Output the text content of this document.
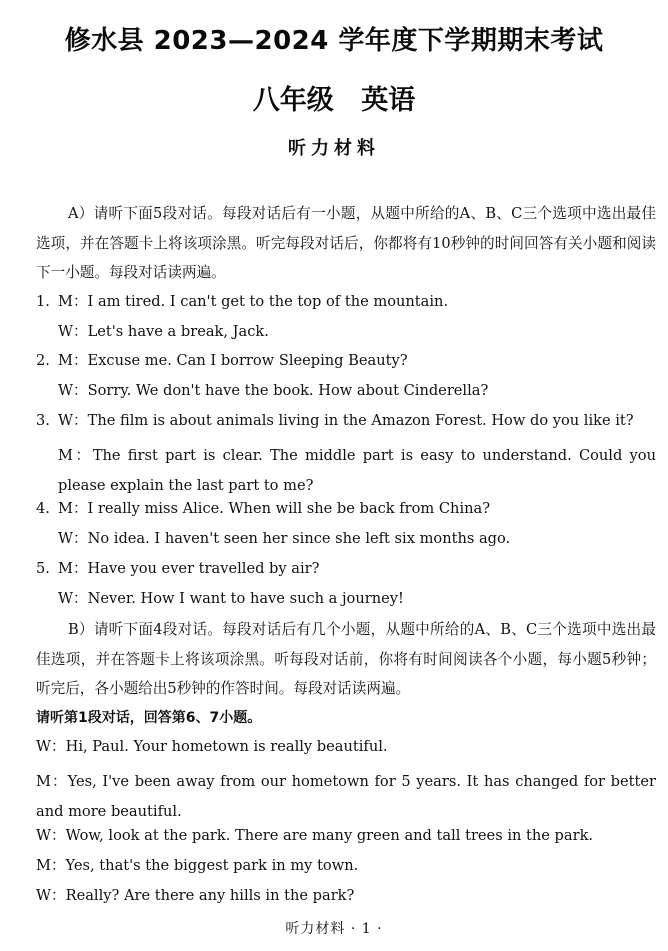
修水县 2023—2024 学年度下学期期末考试
八年级 英语
听力材料
A）请听下面5段对话。每段对话后有一小题，从题中所给的A、B、C三个选项中选出最佳选项，并在答题卡上将该项涂黑。听完每段对话后，你都将有10秒钟的时间回答有关小题和阅读下一小题。每段对话读两遍。
1. M：I am tired. I can't get to the top of the mountain.
W：Let's have a break, Jack.
2. M：Excuse me. Can I borrow Sleeping Beauty?
W：Sorry. We don't have the book. How about Cinderella?
3. W：The film is about animals living in the Amazon Forest. How do you like it?
M：The first part is clear. The middle part is easy to understand. Could you please explain the last part to me?
4. M：I really miss Alice. When will she be back from China?
W：No idea. I haven't seen her since she left six months ago.
5. M：Have you ever travelled by air?
W：Never. How I want to have such a journey!
B）请听下面4段对话。每段对话后有几个小题，从题中所给的A、B、C三个选项中选出最佳选项，并在答题卡上将该项涂黑。听每段对话前，你将有时间阅读各个小题，每小题5秒钟；听完后，各小题给出5秒钟的作答时间。每段对话读两遍。
请听第1段对话，回答第6、7小题。
W：Hi, Paul. Your hometown is really beautiful.
M：Yes, I've been away from our hometown for 5 years. It has changed for better and more beautiful.
W：Wow, look at the park. There are many green and tall trees in the park.
M：Yes, that's the biggest park in my town.
W：Really? Are there any hills in the park?
听力材料 · 1 ·
